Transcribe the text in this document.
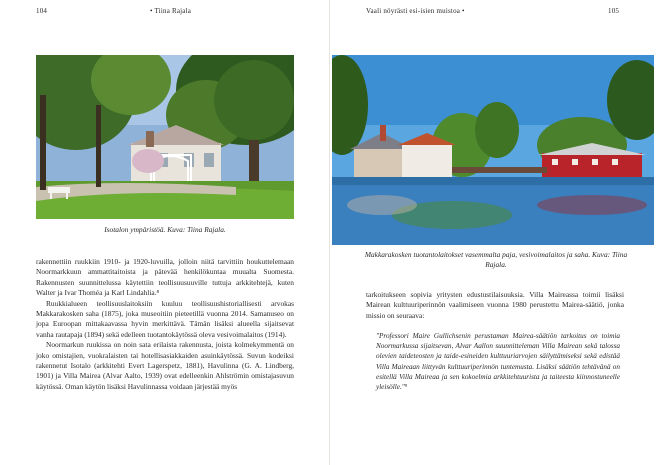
104	• Tiina Rajala
Isotalon ympäristöä. Kuva: Tiina Rajala.

rakennettiin ruukkiin 1910- ja 1920-luvuilla, jolloin niitä tarvittiin houkuttelemaan Noormarkkuun ammattitaitoista ja pätevää henkilökuntaa muualta Suomesta. Rakennusten suunnittelussa käytettiin teollisuusuuville tuttuja arkkitehtejä, kuten Walter ja Ivar Thoméa ja Karl Lindahlia.⁸

Ruukkialueen teollisuuslaitoksiin kuuluu teollisuushistoriallisesti arvokas Makkarakosken saha (1875), joka museoitiin pieteetillä vuonna 2014. Samanuseo on jopa Euroopan mittakaavassa hyvin merkittävä. Tämän lisäksi alueella sijaitsevat vanha rautapaja (1894) sekä edelleen tuotantokäytössä oleva vesivoimalaitos (1914).

Noormarkun ruukissa on noin sata erilaista rakennusta, joista kolmekymmentä on joko omistajien, vuokralaisten tai hotellisasiakkaiden asuinkäytössä. Suvun kodeiksi rakennetut Isotalo (arkkitehti Evert Lagerspetz, 1881), Havulinna (G. A. Lindberg, 1901) ja Villa Mairea (Alvar Aalto, 1939) ovat edelleenkin Ahlströmin omistajasuvun käytössä. Oman käytön lisäksi Havulinnassa voidaan järjestää myös

Vaali nöyrästi esi-isien muistoa •	105
Makkarakosken tuotantolaitokset vasemmalta paja, vesivoimalaitos ja saha. Kuva: Tiina Rajala.

tarkoitukseen sopivia yritysten edustustilaisuuksia. Villa Maireassa toimii lisäksi Mairean kulttuuriperinnön vaalimiseen vuonna 1980 perustettu Mairea-säätiö, jonka missio on seuraava:

"Professori Maire Gullichsenin perustaman Mairea-säätiön tarkoitus on toimia Noormarkussa sijaitsevan, Alvar Aallon suunnitteleman Villa Mairean sekä talossa olevien taideteosten ja taide-esineiden kulttuuriarvojen säilyttämiseksi sekä edistää Villa Maireaan liittyvän kulttuuriperinnön tuntemusta. Lisäksi säätiön tehtävänä on esitellä Villa Maireaa ja sen kokoelmia arkkitehtuurista ja taiteesta kiinnostuneelle yleisölle."⁹
